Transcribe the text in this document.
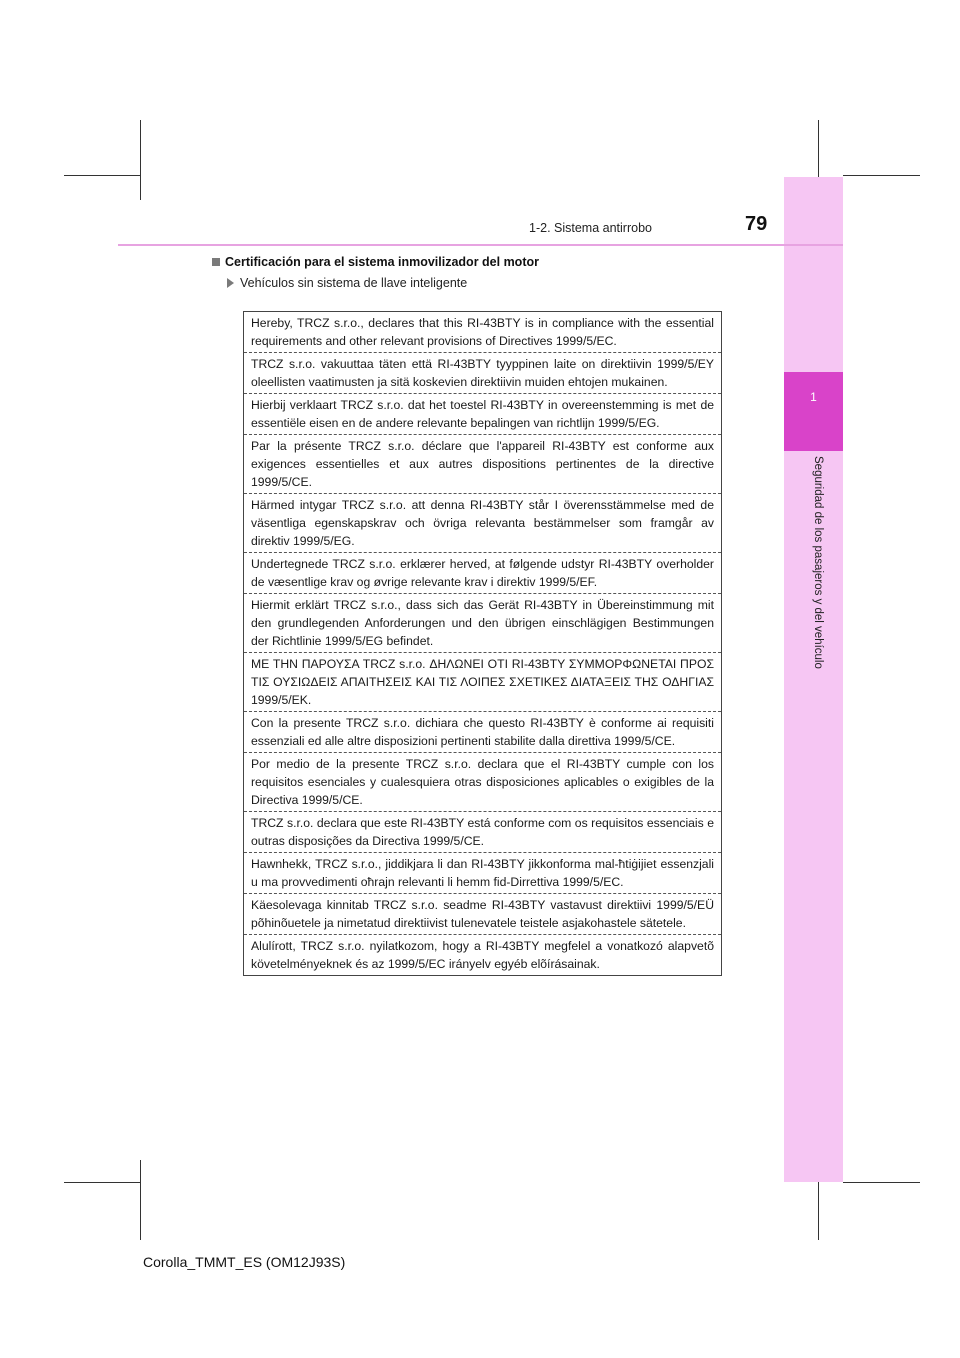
1
Seguridad de los pasajeros y del vehículo
1-2. Sistema antirrobo	79
Certificación para el sistema inmovilizador del motor
Vehículos sin sistema de llave inteligente
Hereby, TRCZ s.r.o., declares that this RI-43BTY is in compliance with the essential requirements and other relevant provisions of Directives 1999/5/EC.
TRCZ s.r.o. vakuuttaa täten että RI-43BTY tyyppinen laite on direktiivin 1999/5/EY oleellisten vaatimusten ja sitä koskevien direktiivin muiden ehtojen mukainen.
Hierbij verklaart TRCZ s.r.o. dat het toestel RI-43BTY in overeenstemming is met de essentiële eisen en de andere relevante bepalingen van richtlijn 1999/5/EG.
Par la présente TRCZ s.r.o. déclare que l'appareil RI-43BTY est conforme aux exigences essentielles et aux autres dispositions pertinentes de la directive 1999/5/CE.
Härmed intygar TRCZ s.r.o. att denna RI-43BTY står I överensstämmelse med de väsentliga egenskapskrav och övriga relevanta bestämmelser som framgår av direktiv 1999/5/EG.
Undertegnede TRCZ s.r.o. erklærer herved, at følgende udstyr RI-43BTY overholder de væsentlige krav og øvrige relevante krav i direktiv 1999/5/EF.
Hiermit erklärt TRCZ s.r.o., dass sich das Gerät RI-43BTY in Übereinstimmung mit den grundlegenden Anforderungen und den übrigen einschlägigen Bestimmungen der Richtlinie 1999/5/EG befindet.
ΜΕ ΤΗΝ ΠΑΡΟΥΣΑ TRCZ s.r.o. ΔΗΛΩΝΕΙ ΟΤΙ RI-43BTY ΣΥΜΜΟΡΦΩΝΕΤΑΙ ΠΡΟΣ ΤΙΣ ΟΥΣΙΩΔΕΙΣ ΑΠΑΙΤΗΣΕΙΣ ΚΑΙ ΤΙΣ ΛΟΙΠΕΣ ΣΧΕΤΙΚΕΣ ΔΙΑΤΑΞΕΙΣ ΤΗΣ ΟΔΗΓΙΑΣ 1999/5/ΕΚ.
Con la presente TRCZ s.r.o. dichiara che questo RI-43BTY è conforme ai requisiti essenziali ed alle altre disposizioni pertinenti stabilite dalla direttiva 1999/5/CE.
Por medio de la presente TRCZ s.r.o. declara que el RI-43BTY cumple con los requisitos esenciales y cualesquiera otras disposiciones aplicables o exigibles de la Directiva 1999/5/CE.
TRCZ s.r.o. declara que este RI-43BTY está conforme com os requisitos essenciais e outras disposições da Directiva 1999/5/CE.
Hawnhekk, TRCZ s.r.o., jiddikjara li dan RI-43BTY jikkonforma mal-ħtiġijiet essenzjali u ma provvedimenti oħrajn relevanti li hemm fid-Dirrettiva 1999/5/EC.
Käesolevaga kinnitab TRCZ s.r.o. seadme RI-43BTY vastavust direktiivi 1999/5/EÜ põhinõuetele ja nimetatud direktiivist tulenevatele teistele asjakohastele sätetele.
Alulírott, TRCZ s.r.o. nyilatkozom, hogy a RI-43BTY megfelel a vonatkozó alapvetõ követelményeknek és az 1999/5/EC irányelv egyéb elõírásainak.
Corolla_TMMT_ES (OM12J93S)
